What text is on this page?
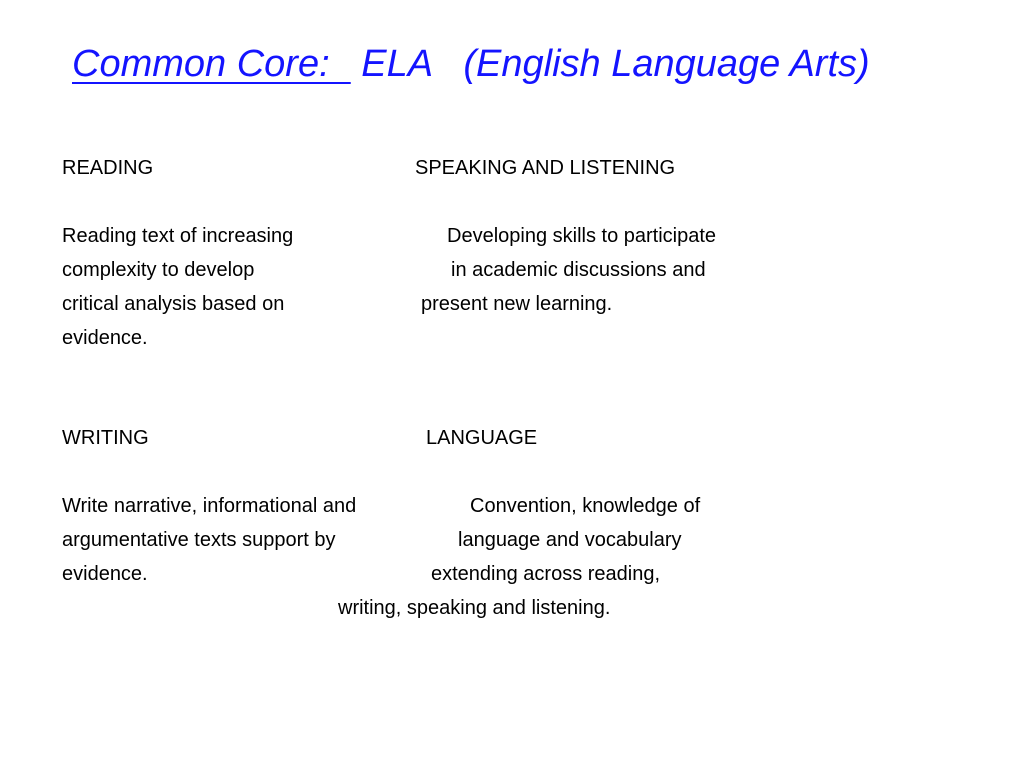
Common Core:   ELA   (English Language Arts)

READING

Reading text of increasing

complexity to develop

critical analysis based on

evidence.

SPEAKING AND LISTENING

Developing skills to participate

in academic discussions and

present new learning.

WRITING

Write narrative, informational and

argumentative texts support by

evidence.

LANGUAGE

Convention, knowledge of

language and vocabulary

extending across reading,

writing, speaking and listening.
